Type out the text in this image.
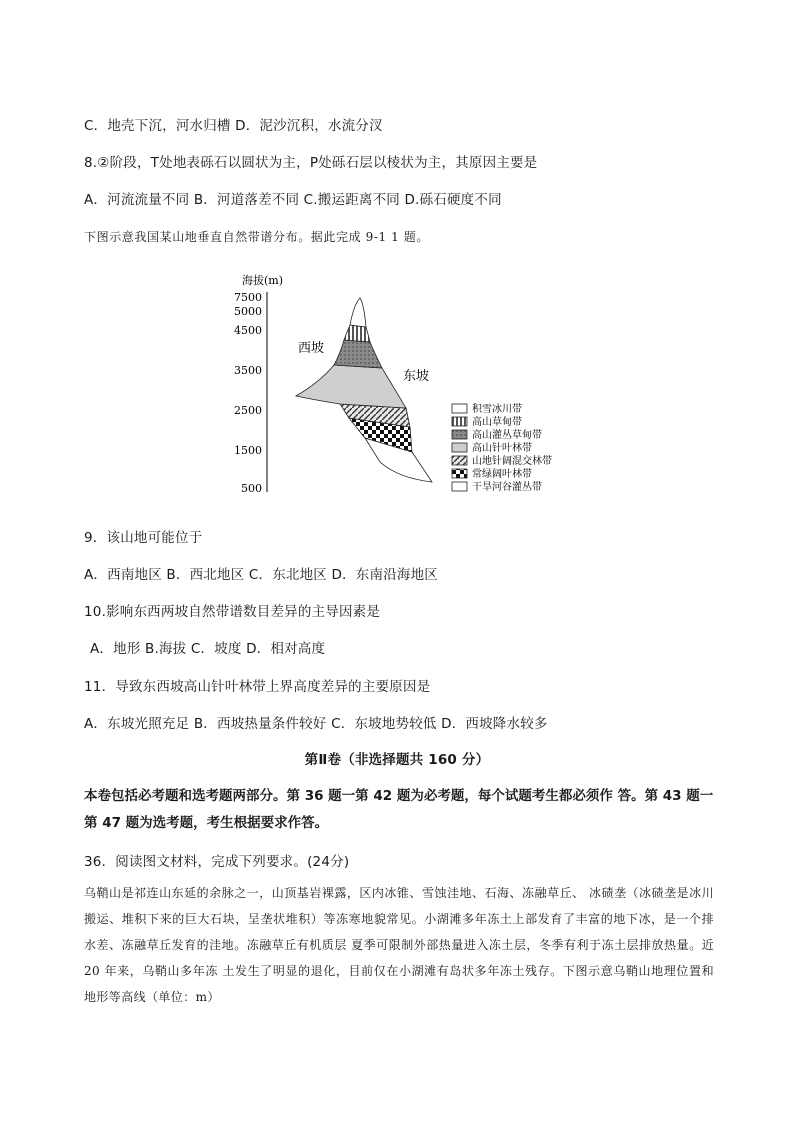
C．地壳下沉，河水归槽 D．泥沙沉积，水流分汊
8.②阶段，T处地表砾石以圆状为主，P处砾石层以棱状为主，其原因主要是
A．河流流量不同 B．河道落差不同 C.搬运距离不同 D.砾石硬度不同
下图示意我国某山地垂直自然带谱分布。据此完成 9-1 1 题。
海拔(m)
7500
5000
4500
3500
2500
1500
500
西坡
东坡
积雪冰川带
高山草甸带
高山灌丛草甸带
高山针叶林带
山地针阔混交林带
常绿阔叶林带
干旱河谷灌丛带
9．该山地可能位于
A．西南地区 B．西北地区 C．东北地区 D．东南沿海地区
10.影响东西两坡自然带谱数目差异的主导因素是
A．地形 B.海拔 C．坡度 D．相对高度
11．导致东西坡高山针叶林带上界高度差异的主要原因是
A．东坡光照充足 B．西坡热量条件较好 C．东坡地势较低 D．西坡降水较多
第Ⅱ卷（非选择题共 160 分）
本卷包括必考题和选考题两部分。第 36 题一第 42 题为必考题，每个试题考生都必须作 答。第 43 题一第 47 题为选考题，考生根据要求作答。
36．阅读图文材料，完成下列要求。(24分)
乌鞘山是祁连山东延的余脉之一，山顶基岩裸露，区内冰锥、雪蚀洼地、石海、冻融草丘、 冰碛垄（冰碛垄是冰川搬运、堆积下来的巨大石块，呈垄状堆积）等冻寒地貌常见。小湖滩多年冻土上部发育了丰富的地下冰，是一个排水差、冻融草丘发育的洼地。冻融草丘有机质层 夏季可限制外部热量进入冻土层，冬季有利于冻土层排放热量。近 20 年来，乌鞘山多年冻 土发生了明显的退化，目前仅在小湖滩有岛状多年冻土残存。下图示意乌鞘山地理位置和地形等高线（单位：m）
